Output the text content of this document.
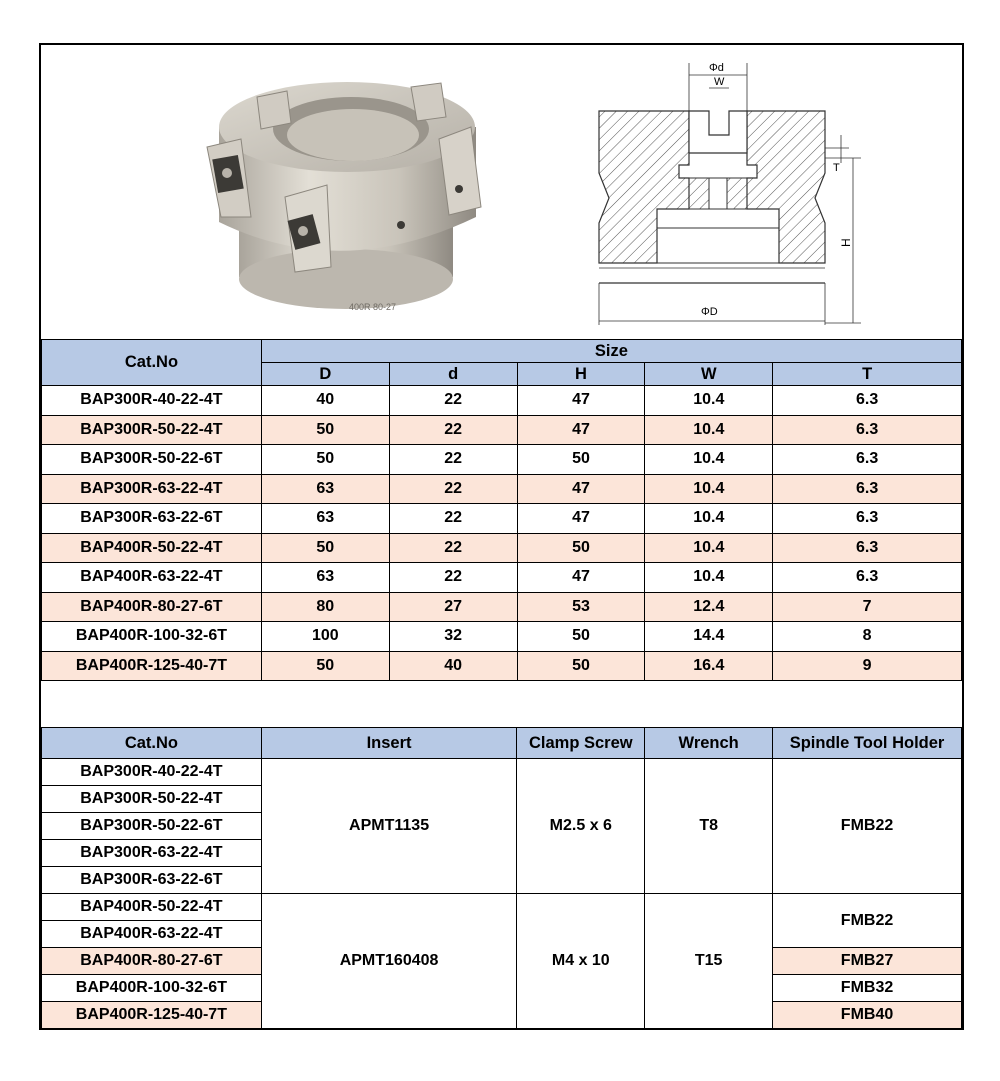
400R 80-27
Φd
W
T
H
ΦD
Cat.No	Size				
	D	d	H	W	T
BAP300R-40-22-4T	40	22	47	10.4	6.3
BAP300R-50-22-4T	50	22	47	10.4	6.3
BAP300R-50-22-6T	50	22	50	10.4	6.3
BAP300R-63-22-4T	63	22	47	10.4	6.3
BAP300R-63-22-6T	63	22	47	10.4	6.3
BAP400R-50-22-4T	50	22	50	10.4	6.3
BAP400R-63-22-4T	63	22	47	10.4	6.3
BAP400R-80-27-6T	80	27	53	12.4	7
BAP400R-100-32-6T	100	32	50	14.4	8
BAP400R-125-40-7T	50	40	50	16.4	9
Cat.No	Insert	Clamp Screw	Wrench	Spindle Tool Holder
BAP300R-40-22-4T	APMT1135	M2.5 x 6	T8	FMB22
BAP300R-50-22-4T				
BAP300R-50-22-6T				
BAP300R-63-22-4T				
BAP300R-63-22-6T				
BAP400R-50-22-4T	APMT160408	M4 x 10	T15	FMB22
BAP400R-63-22-4T				
BAP400R-80-27-6T				FMB27
BAP400R-100-32-6T				FMB32
BAP400R-125-40-7T				FMB40
